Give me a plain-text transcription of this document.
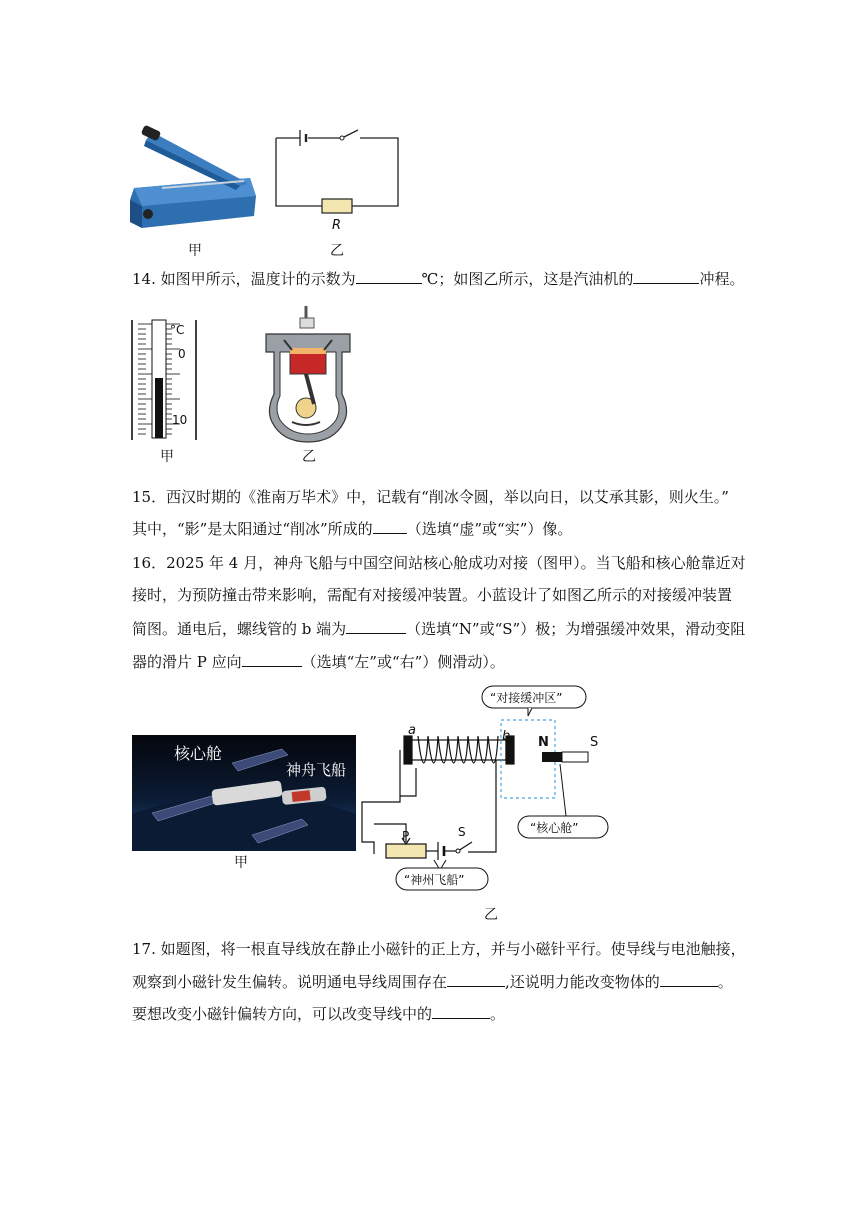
甲
R
乙
14. 如图甲所示，温度计的示数为	℃；如图乙所示，这是汽油机的	冲程。
°C
0
10
甲	乙
15．西汉时期的《淮南万毕术》中，记载有“削冰令圆，举以向日，以艾承其影，则火生。”
其中，“影”是太阳通过“削冰”所成的 （选填“虚”或“实”）像。
16．2025 年 4 月，神舟飞船与中国空间站核心舱成功对接（图甲）。当飞船和核心舱靠近对
接时，为预防撞击带来影响，需配有对接缓冲装置。小蓝设计了如图乙所示的对接缓冲装置
简图。通电后，螺线管的 b 端为	（选填“N”或“S”）极；为增强缓冲效果，滑动变阻
器的滑片 P 应向	（选填“左”或“右”）侧滑动）。
核心舱
神舟飞船
甲
“对接缓冲区”
N	S
“核心舱”
“神州飞船”
a	b
P	S
乙
17. 如题图，将一根直导线放在静止小磁针的正上方，并与小磁针平行。使导线与电池触接，
观察到小磁针发生偏转。说明通电导线周围存在	,还说明力能改变物体的	。
要想改变小磁针偏转方向，可以改变导线中的	。
